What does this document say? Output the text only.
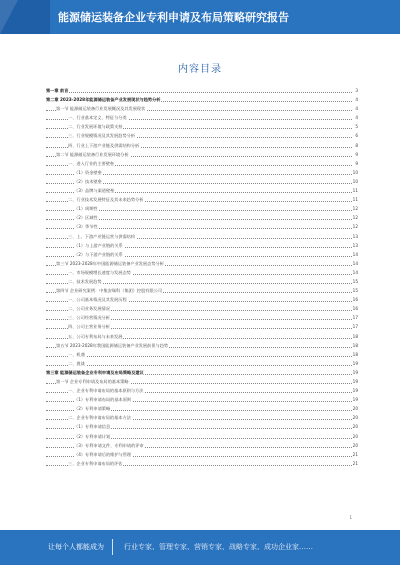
能源储运装备企业专利申请及布局策略研究报告
内容目录
第一章 前言	3
第二章 2023-2028年能源储运装备产业发展现状与趋势分析	4
第一节 能源储运装备行业发展概况及其发展现状	4
一、行业基本定义、特征与分类	4
二、行业发展环境与政策支持	5
三、行业规模情况及其发展趋势分析	6
四、行业上下游产业链及供需结构分析	8
第二节 能源储运装备行业发展环境分析	9
一、进入行业的主要壁垒	9
（1）资金壁垒	10
（2）技术壁垒	10
（3）品牌与渠道壁垒	11
二、行业技术发展特征及其未来趋势分析	11
（1）周期性	12
（2）区域性	12
（3）季节性	12
三、上、下游产业链运营与供需结构	13
（1）与上游产业链的关系	13
（2）与下游产业链的关系	14
第三节 2023-2028年中国能源储运装备产业发展态势分析	14
一、市场规模增长速度与发展态势	14
二、技术发展趋势	15
第四节 企业研究案例：中集安瑞科（集团）控股有限公司	15
一、公司基本情况及其发展历程	16
二、公司业务发展情况	16
三、公司经营情况分析	17
四、公司主营业务分析	17
五、公司专利布局与未来发展	18
第五节 2023-2028年我国能源储运装备产业发展前景与趋势	18
一、机遇	18
二、挑战	19
第三章 能源储运装备企业专利申请及布局策略及建议	19
第一节 企业专利申请及布局的基本策略	19
一、企业专利申请布局的基本原则与方法	19
（1）专利申请布局的基本原则	19
（2）专利申请策略	20
二、企业专利申请布局的基本方法	20
（1）专利申请信息	20
（2）专利申请计划	20
（3）专利申请文件、专利申请的评审	20
（4）专利申请后的维护与管理	21
三、企业专利申请布局的评估	21
1
让每个人都能成为	行业专家、管理专家、营销专家、战略专家、成功企业家……
